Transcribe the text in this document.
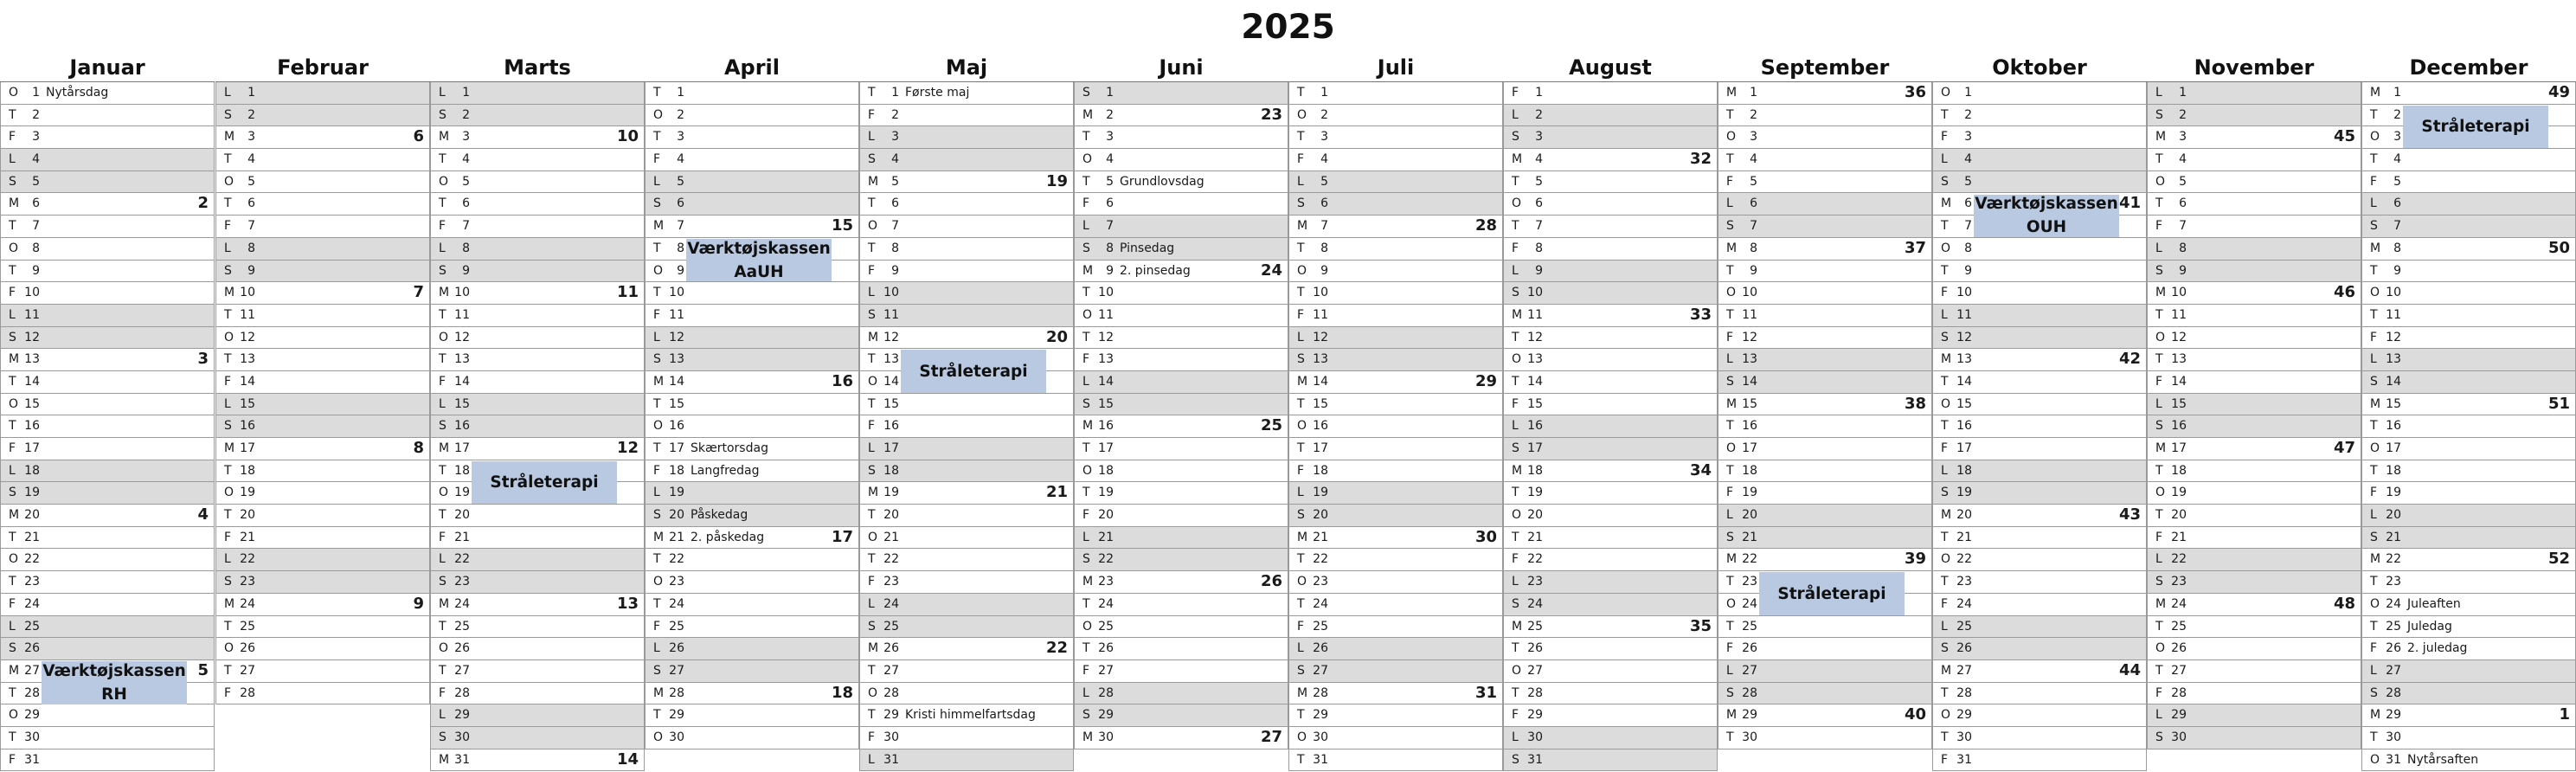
2025
Januar
O	1 Nytårsdag
T	2
F	3
L	4
S	5
M	6	2
T	7
O	8
T	9
F 10
L 11
S 12
M 13	3
T 14
O 15
T 16
F 17
L 18
S 19
M 20	4
T 21
O 22
T 23
F 24
L 25
S 26
M 27	5
T 28
O 29
T 30
F 31
Februar
L	1
S	2
M	3	6
T	4
O	5
T	6
F	7
L	8
S	9
M 10	7
T 11
O 12
T 13
F 14
L 15
S 16
M 17	8
T 18
O 19
T 20
F 21
L 22
S 23
M 24	9
T 25
O 26
T 27
F 28
Marts
L	1
S	2
M	3	10
T	4
O	5
T	6
F	7
L	8
S	9
M 10	11
T 11
O 12
T 13
F 14
L 15
S 16
M 17	12
T 18
O 19
T 20
F 21
L 22
S 23
M 24	13
T 25
O 26
T 27
F 28
L 29
S 30
M 31	14
April
T	1
O	2
T	3
F	4
L	5
S	6
M	7	15
T	8
O	9
T 10
F 11
L 12
S 13
M 14	16
T 15
O 16
T 17 Skærtorsdag
F 18 Langfredag
L 19
S 20 Påskedag
M 21 2. påskedag	17
T 22
O 23
T 24
F 25
L 26
S 27
M 28	18
T 29
O 30
Maj
T	1 Første maj
F	2
L	3
S	4
M	5	19
T	6
O	7
T	8
F	9
L 10
S 11
M 12	20
T 13
O 14
T 15
F 16
L 17
S 18
M 19	21
T 20
O 21
T 22
F 23
L 24
S 25
M 26	22
T 27
O 28
T 29 Kristi himmelfartsdag
F 30
L 31
Juni
S	1
M	2	23
T	3
O	4
T	5 Grundlovsdag
F	6
L	7
S	8 Pinsedag
M	9 2. pinsedag	24
T 10
O 11
T 12
F 13
L 14
S 15
M 16	25
T 17
O 18
T 19
F 20
L 21
S 22
M 23	26
T 24
O 25
T 26
F 27
L 28
S 29
M 30	27
Juli
T	1
O	2
T	3
F	4
L	5
S	6
M	7	28
T	8
O	9
T 10
F 11
L 12
S 13
M 14	29
T 15
O 16
T 17
F 18
L 19
S 20
M 21	30
T 22
O 23
T 24
F 25
L 26
S 27
M 28	31
T 29
O 30
T 31
August
F	1
L	2
S	3
M	4	32
T	5
O	6
T	7
F	8
L	9
S 10
M 11	33
T 12
O 13
T 14
F 15
L 16
S 17
M 18	34
T 19
O 20
T 21
F 22
L 23
S 24
M 25	35
T 26
O 27
T 28
F 29
L 30
S 31
September
M	1	36
T	2
O	3
T	4
F	5
L	6
S	7
M	8	37
T	9
O 10
T 11
F 12
L 13
S 14
M 15	38
T 16
O 17
T 18
F 19
L 20
S 21
M 22	39
T 23
O 24
T 25
F 26
L 27
S 28
M 29	40
T 30
Oktober
O	1
T	2
F	3
L	4
S	5
M	6	41
T	7
O	8
T	9
F 10
L 11
S 12
M 13	42
T 14
O 15
T 16
F 17
L 18
S 19
M 20	43
T 21
O 22
T 23
F 24
L 25
S 26
M 27	44
T 28
O 29
T 30
F 31
November
L	1
S	2
M	3	45
T	4
O	5
T	6
F	7
L	8
S	9
M 10	46
T 11
O 12
T 13
F 14
L 15
S 16
M 17	47
T 18
O 19
T 20
F 21
L 22
S 23
M 24	48
T 25
O 26
T 27
F 28
L 29
S 30
December
M	1	49
T	2
O	3
T	4
F	5
L	6
S	7
M	8	50
T	9
O 10
T 11
F 12
L 13
S 14
M 15	51
T 16
O 17
T 18
F 19
L 20
S 21
M 22	52
T 23
O 24 Juleaften
T 25 Juledag
F 26 2. juledag
L 27
S 28
M 29	1
T 30
O 31 Nytårsaften
Værktøjskassen RH
Stråleterapi
Værktøjskassen AaUH
Stråleterapi
Stråleterapi
Værktøjskassen OUH
Stråleterapi
